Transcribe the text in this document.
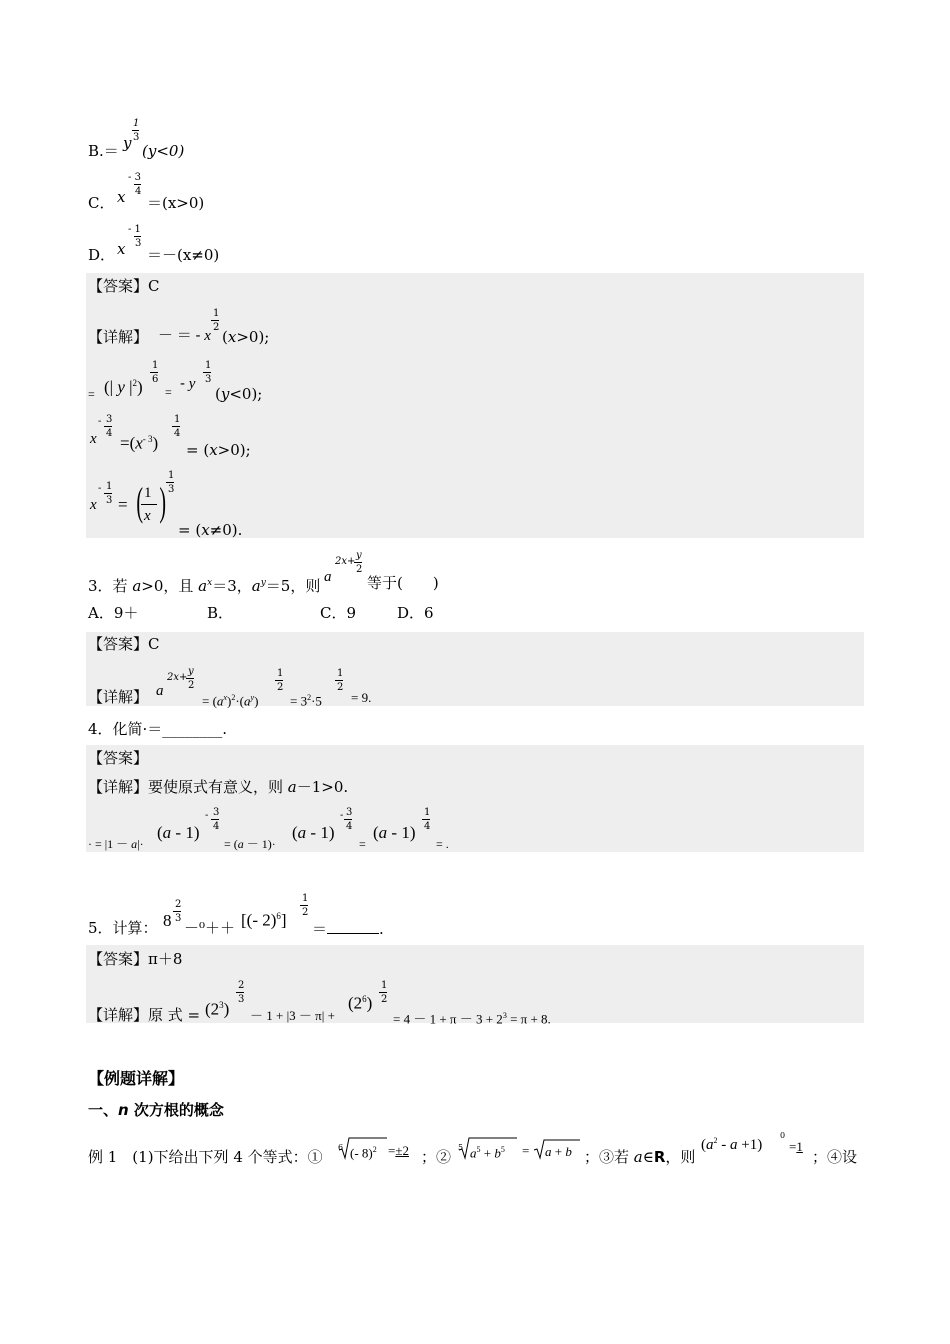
1
3
B.＝ y (y<0)
C． x
- 3
4
＝(x>0)
D． x
- 1
3
＝－(x≠0)
【答案】C
【详解】 － ＝ - x
1
2
(x>0);
= (| y $|^2$)
1
6
= - y
1
3
(y<0);
x
- 3
4
$=(x^{- 3})$
1
4
= (x>0);
x
- 1
3 = ( 1
x )
1
3
= (x≠0).
3．若 a>0，且 $a^x=3$，$a^y=5$，则 a
2x+
y
2
等于(　　)
A．9＋	B．	C．9	D．6
【答案】C
【详解】 a
2x+
y
2
= $(a^x)^2\cdot(a^y)$
1
2
= $3^2\cdot 5$
1
2
= 9.
4．化简·＝________.
【答案】
【详解】要使原式有意义，则 a－1>0.
· = |1 － a|·
(a - 1)
- 3
4
= (a － 1)·
(a - 1)
- 3
4
=
(a - 1)
1
4
= .
5．计算： 8
2
3
－⁰＋＋ [(- 2)$^6$]
1
2
＝	.
【答案】π＋8
【详解】原 式 = $(2^3)$
2
3
－ 1 + |3 － π| +
$(2^6)$
1
2
= $4 - 1 + \pi - 3 + 2^3 = \pi + 8$.
【例题详解】
一、n 次方根的概念
例 1　(1)下给出下列 4 个等式：①
6 (- 8)$^2$ =±2 ；②
5 $a^5 + b^5 = a + b$ ；③若 a∈R，则
$(a^2 - a +1)$
0
=1
；④设
